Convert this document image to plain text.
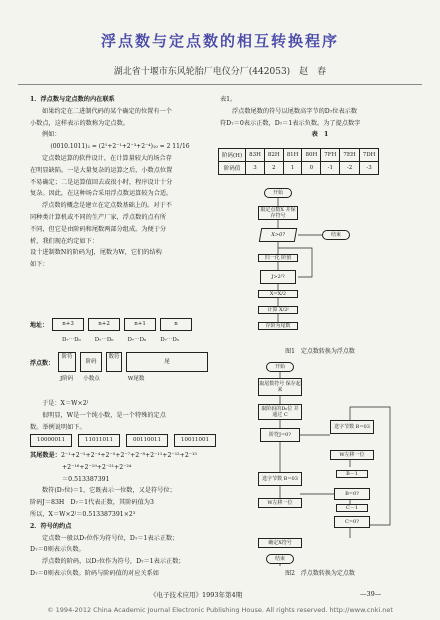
浮点数与定点数的相互转换程序
湖北省十堰市东风轮胎厂电仪分厂(442053)　赵　春

1．浮点数与定点数的内在联系

如果约定在二进制代码的某个确定的位置有一个

小数点，这样表示的数称为定点数。

例如：

(0010.1011)₂ = (2¹+2⁻¹+2⁻³+2⁻⁴)₁₀ = 2 11/16

定点数运算的软件设计，在计算量较大的场合存

在明显缺陷。一是大量复杂的运算之后，小数点位置

不易确定；二是运算值回去或很小时，程序设计十分

复杂。因此，在这种场合采用浮点数运算较为合适。

浮点数的概念是建立在定点数基础上的。对于不

同种类计算机或不同的生产厂家，浮点数的点有所

不同，但它是由阶码和尾数两部分组成。为便于分

析，我们现在约定如下：

设十进制数N的阶码为J，尾数为W，它们的结构

如下：

地址：	n+3	n+2	n+1	n
D₇⋯D₀	D₇⋯D₀	D₇⋯D₀	D₇⋯D₀
浮点数：
阶符
阶码
数符
尾
J阶码 小数点	W尾数

于是：X＝W×2ᴶ

很明显，W是一个纯小数，是一个特殊的定点

数。举例说明如下。

10000011	11011011	00110011	10011001

其尾数是：2⁻¹+2⁻²+2⁻⁴+2⁻⁵+2⁻⁷+2⁻⁸+2⁻¹¹+2⁻¹²+2⁻¹⁵

+2⁻¹⁶+2⁻¹⁹+2⁻²¹+2⁻²⁴

＝0.513387391

数符(D₇位)＝1，它既表示一位数，又是符号位；

阶码J＝83H　D₇＝1代表正数，其阶码值为3

所以，X＝W×2ᴶ＝0.513387391×2³

2．符号的约点

定点数一般以D₇位作为符号位，D₇＝1表示正数；

D₇＝0则表示负数。

浮点数的阶码，以D₇位作为符号，D₇＝1表示正数；

D₇＝0则表示负数。阶码与阶码值的对应关系如

表1。

浮点数尾数的符号以尾数高字节的D₇位表示数

符D₇＝0表示正数，D₇＝1表示负数。为了提点数字

表　1

阶码(H)	83H	82H	81H	80H	7FH	7EH	7DH
阶码值	3	2	1	0	-1	-2	-3
开始
取定点数X 并保存符号
X>0?	结束
归一化 阶值
J>2ᴶ?
X=X/2
计算 X/2ᴶ
存阶为尾数
图1　定点数转换为浮点数
开始
取尾数符号 保存起来
取阶码的D₆位 并通过 C
选字节数 B=03
阶符J=0?
W左移一位
选字节数 B=03
B－1
B=0?
W左移一位
C－1
C=0?
确定X符号
结束
图2　浮点数转换为定点数
《电子技术应用》1993年第4期	—39—
© 1994-2012 China Academic Journal Electronic Publishing House. All rights reserved. http://www.cnki.net
